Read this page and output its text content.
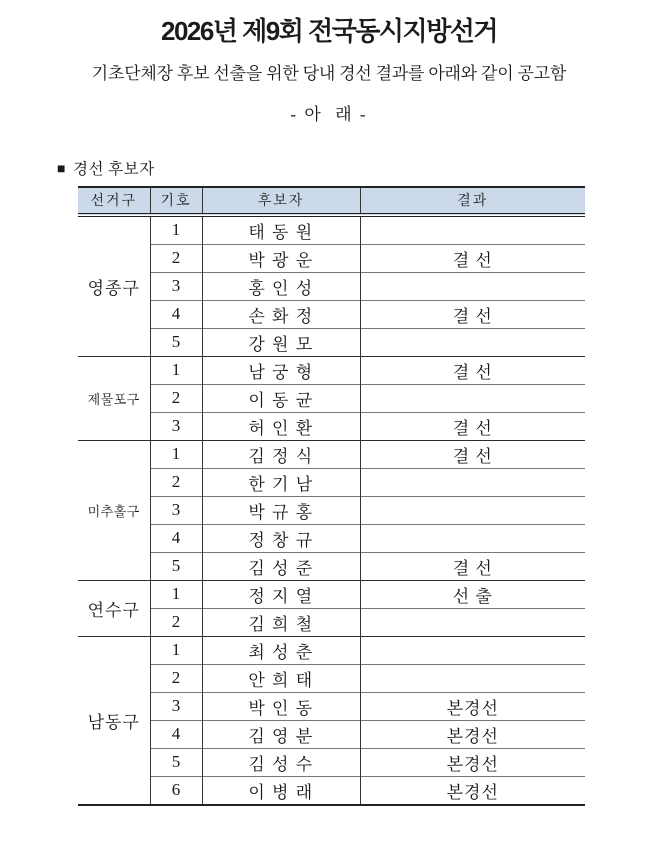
2026년 제9회 전국동시지방선거

기초단체장 후보 선출을 위한 당내 경선 결과를 아래와 같이 공고함

- 아  래 -

■ 경선 후보자
선거구	기호	후보자	결과
영종구	1	태 동 원	
	2	박 광 운	결 선
	3	홍 인 성	
	4	손 화 정	결 선
	5	강 원 모	
제물포구	1	남 궁 형	결 선
	2	이 동 균	
	3	허 인 환	결 선
미추홀구	1	김 정 식	결 선
	2	한 기 남	
	3	박 규 홍	
	4	정 창 규	
	5	김 성 준	결 선
연수구	1	정 지 열	선 출
	2	김 희 철	
남동구	1	최 성 춘	
	2	안 희 태	
	3	박 인 동	본경선
	4	김 영 분	본경선
	5	김 성 수	본경선
	6	이 병 래	본경선
